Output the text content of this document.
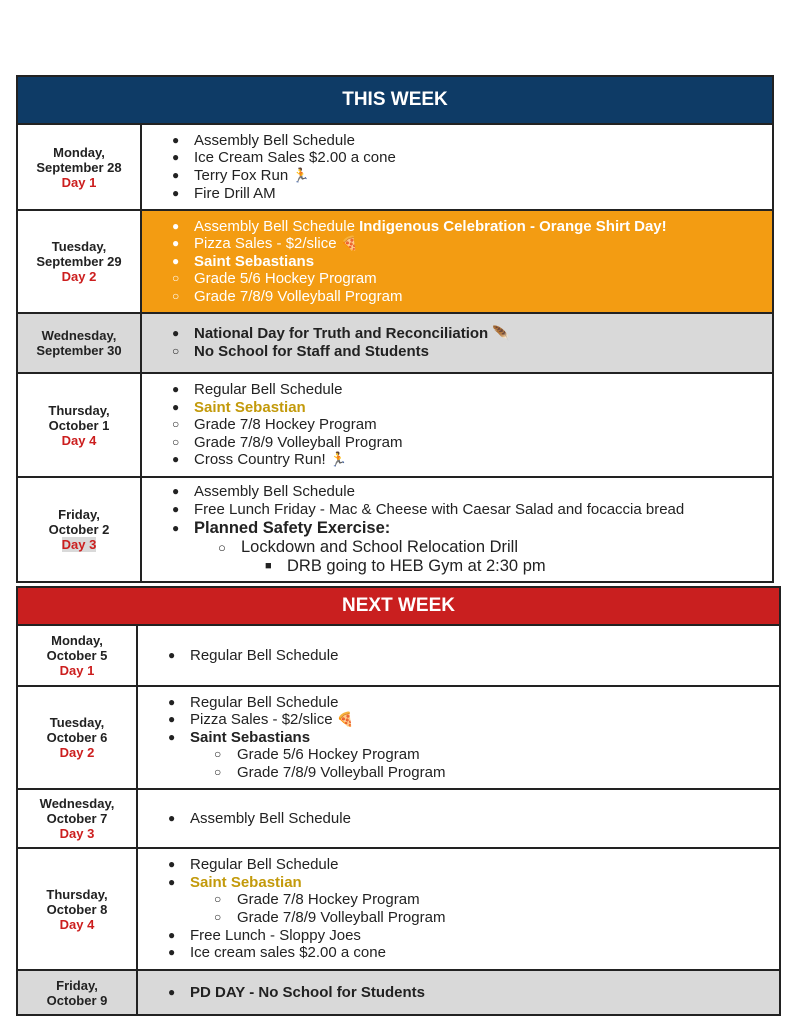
THIS WEEK
Monday,
September 28
Day 1
● Assembly Bell Schedule
● Ice Cream Sales $2.00 a cone
● Terry Fox Run 🏃
● Fire Drill AM
Tuesday,
September 29
Day 2
● Assembly Bell Schedule Indigenous Celebration - Orange Shirt Day!
● Pizza Sales - $2/slice 🍕
● Saint Sebastians
○ Grade 5/6 Hockey Program
○ Grade 7/8/9 Volleyball Program
Wednesday,
September 30
● National Day for Truth and Reconciliation 🪶
○ No School for Staff and Students
Thursday,
October 1
Day 4
● Regular Bell Schedule
● Saint Sebastian
○ Grade 7/8 Hockey Program
○ Grade 7/8/9 Volleyball Program
● Cross Country Run! 🏃
Friday,
October 2
Day 3
● Assembly Bell Schedule
● Free Lunch Friday - Mac & Cheese with Caesar Salad and focaccia bread
● Planned Safety Exercise:
○ Lockdown and School Relocation Drill
■ DRB going to HEB Gym at 2:30 pm
NEXT WEEK
Monday,
October 5
Day 1
● Regular Bell Schedule
Tuesday,
October 6
Day 2
● Regular Bell Schedule
● Pizza Sales - $2/slice 🍕
● Saint Sebastians
○ Grade 5/6 Hockey Program
○ Grade 7/8/9 Volleyball Program
Wednesday,
October 7
Day 3
● Assembly Bell Schedule
Thursday,
October 8
Day 4
● Regular Bell Schedule
● Saint Sebastian
○ Grade 7/8 Hockey Program
○ Grade 7/8/9 Volleyball Program
● Free Lunch - Sloppy Joes
● Ice cream sales $2.00 a cone
Friday,
October 9
● PD DAY - No School for Students
